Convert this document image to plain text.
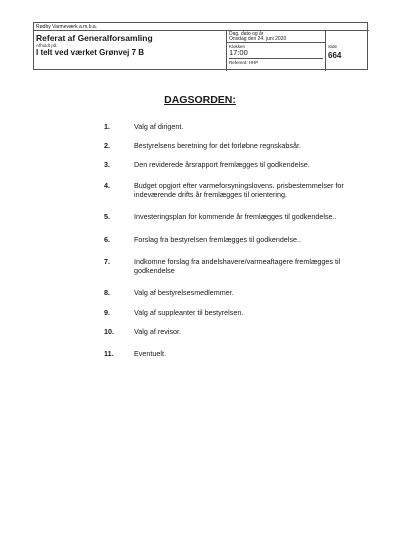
Rødby Varmeværk a.m.b.a.
Referat af Generalforsamling
Afholdt på:
I telt ved værket Grønvej 7 B
Dag, dato og år
Onsdag den 24. juni 2020
Klokken
17:00
Referent: HHP
Side
664
DAGSORDEN:
1.	Valg af dirigent.
2.	Bestyrelsens beretning for det forløbne regnskabsår.
3.	Den reviderede årsrapport fremlægges til godkendelse.
4.	Budget opgjort efter varmeforsyningslovens. prisbestemmelser for indeværende drifts år fremlægges til orientering.
5.	Investeringsplan for kommende år fremlægges til godkendelse..
6.	Forslag fra bestyrelsen fremlægges til godkendelse..
7.	Indkomne forslag fra andelshavere/varmeaftagere fremlægges til godkendelse
8.	Valg af bestyrelsesmedlemmer.
9.	Valg af suppleanter til bestyrelsen.
10.	Valg af revisor.
11.	Eventuelt.
